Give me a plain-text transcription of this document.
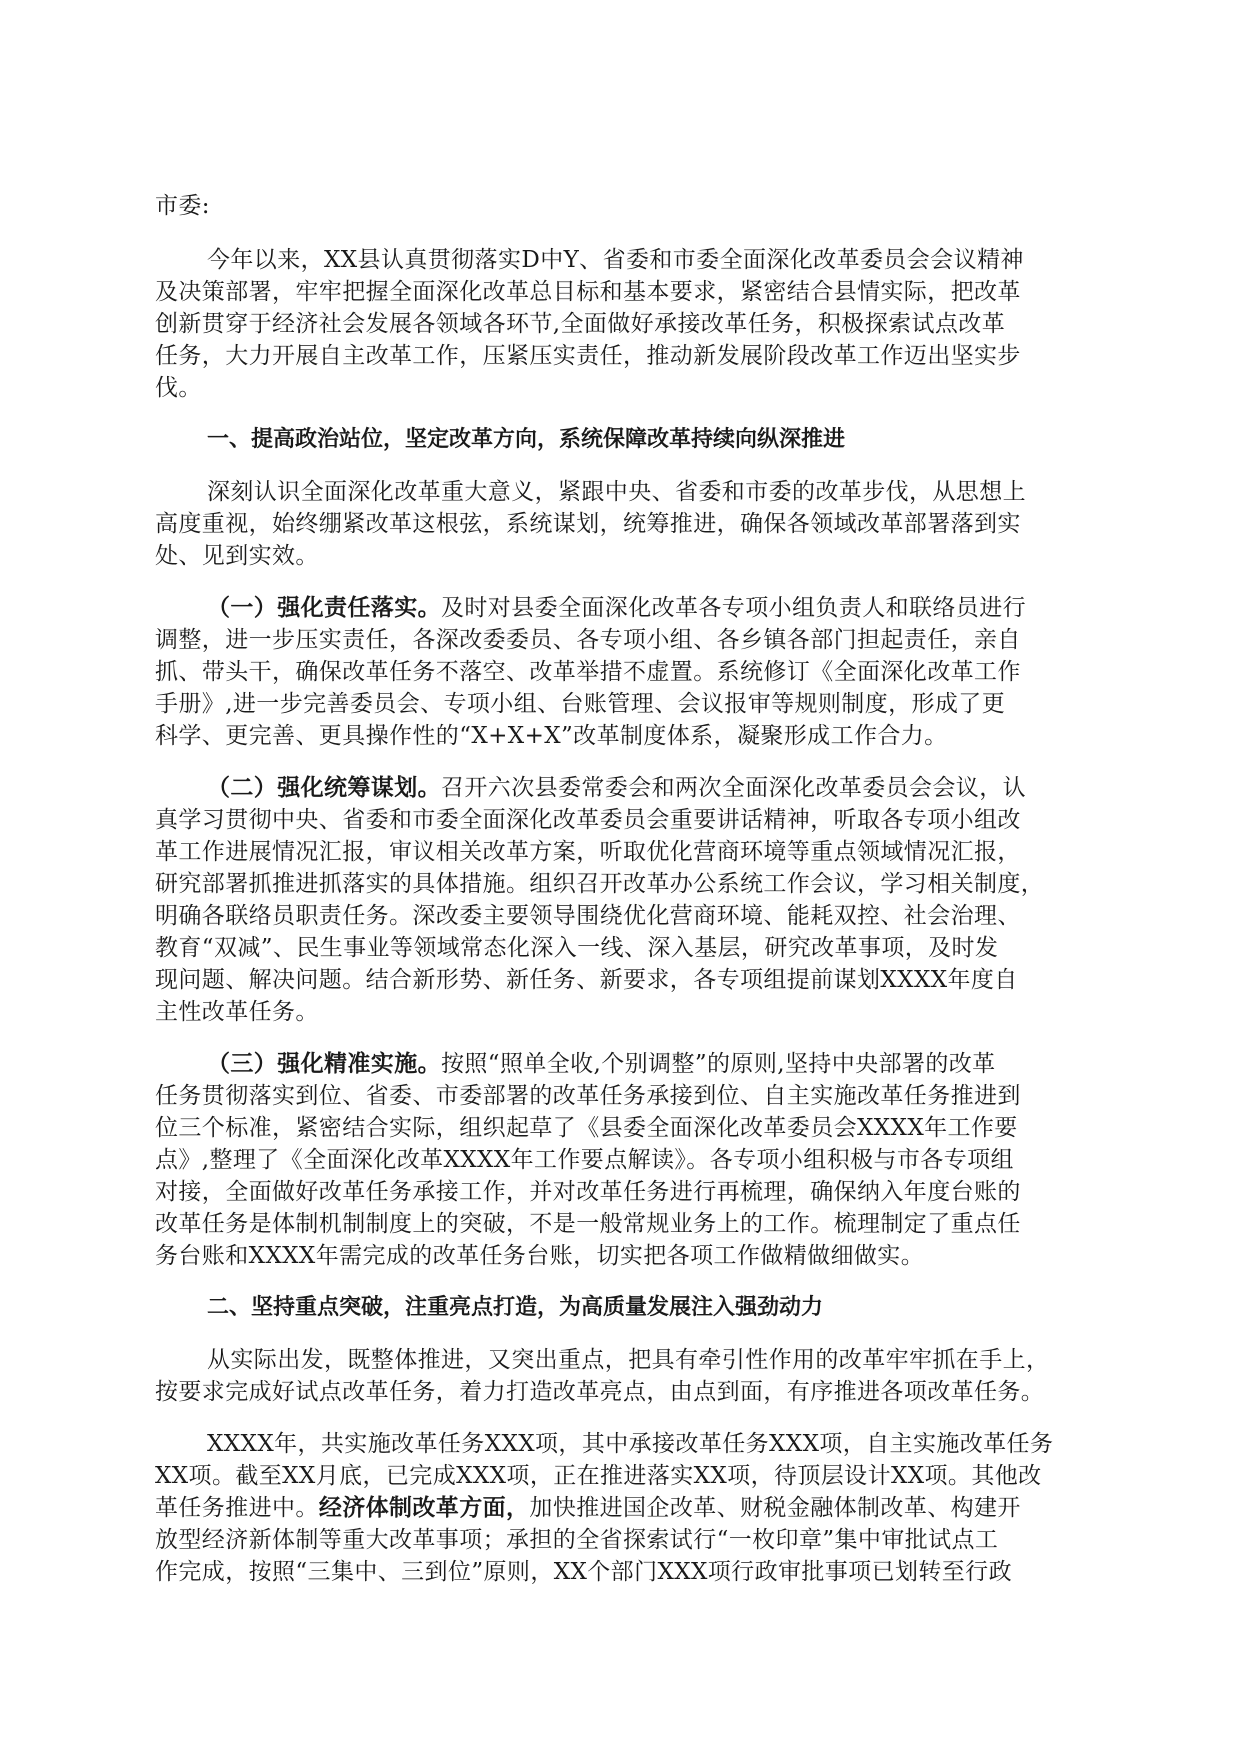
市委:
今年以来，XX县认真贯彻落实D中Y、省委和市委全面深化改革委员会会议精神
及决策部署，牢牢把握全面深化改革总目标和基本要求，紧密结合县情实际，把改革
创新贯穿于经济社会发展各领域各环节,全面做好承接改革任务，积极探索试点改革
任务，大力开展自主改革工作，压紧压实责任，推动新发展阶段改革工作迈出坚实步
伐。
一、提高政治站位，坚定改革方向，系统保障改革持续向纵深推进
深刻认识全面深化改革重大意义，紧跟中央、省委和市委的改革步伐，从思想上
高度重视，始终绷紧改革这根弦，系统谋划，统筹推进，确保各领域改革部署落到实
处、见到实效。
（一）强化责任落实。及时对县委全面深化改革各专项小组负责人和联络员进行
调整，进一步压实责任，各深改委委员、各专项小组、各乡镇各部门担起责任，亲自
抓、带头干，确保改革任务不落空、改革举措不虚置。系统修订《全面深化改革工作
手册》,进一步完善委员会、专项小组、台账管理、会议报审等规则制度，形成了更
科学、更完善、更具操作性的“X+X+X”改革制度体系，凝聚形成工作合力。
（二）强化统筹谋划。召开六次县委常委会和两次全面深化改革委员会会议，认
真学习贯彻中央、省委和市委全面深化改革委员会重要讲话精神，听取各专项小组改
革工作进展情况汇报，审议相关改革方案，听取优化营商环境等重点领域情况汇报，
研究部署抓推进抓落实的具体措施。组织召开改革办公系统工作会议，学习相关制度，
明确各联络员职责任务。深改委主要领导围绕优化营商环境、能耗双控、社会治理、
教育“双减”、民生事业等领域常态化深入一线、深入基层，研究改革事项，及时发
现问题、解决问题。结合新形势、新任务、新要求，各专项组提前谋划XXXX年度自
主性改革任务。
（三）强化精准实施。按照“照单全收,个别调整”的原则,坚持中央部署的改革
任务贯彻落实到位、省委、市委部署的改革任务承接到位、自主实施改革任务推进到
位三个标准，紧密结合实际，组织起草了《县委全面深化改革委员会XXXX年工作要
点》,整理了《全面深化改革XXXX年工作要点解读》。各专项小组积极与市各专项组
对接，全面做好改革任务承接工作，并对改革任务进行再梳理，确保纳入年度台账的
改革任务是体制机制制度上的突破，不是一般常规业务上的工作。梳理制定了重点任
务台账和XXXX年需完成的改革任务台账，切实把各项工作做精做细做实。
二、坚持重点突破，注重亮点打造，为高质量发展注入强劲动力
从实际出发，既整体推进，又突出重点，把具有牵引性作用的改革牢牢抓在手上，
按要求完成好试点改革任务，着力打造改革亮点，由点到面，有序推进各项改革任务。
XXXX年，共实施改革任务XXX项，其中承接改革任务XXX项，自主实施改革任务
XX项。截至XX月底，已完成XXX项，正在推进落实XX项，待顶层设计XX项。其他改
革任务推进中。经济体制改革方面，加快推进国企改革、财税金融体制改革、构建开
放型经济新体制等重大改革事项；承担的全省探索试行“一枚印章”集中审批试点工
作完成，按照“三集中、三到位”原则，XX个部门XXX项行政审批事项已划转至行政
